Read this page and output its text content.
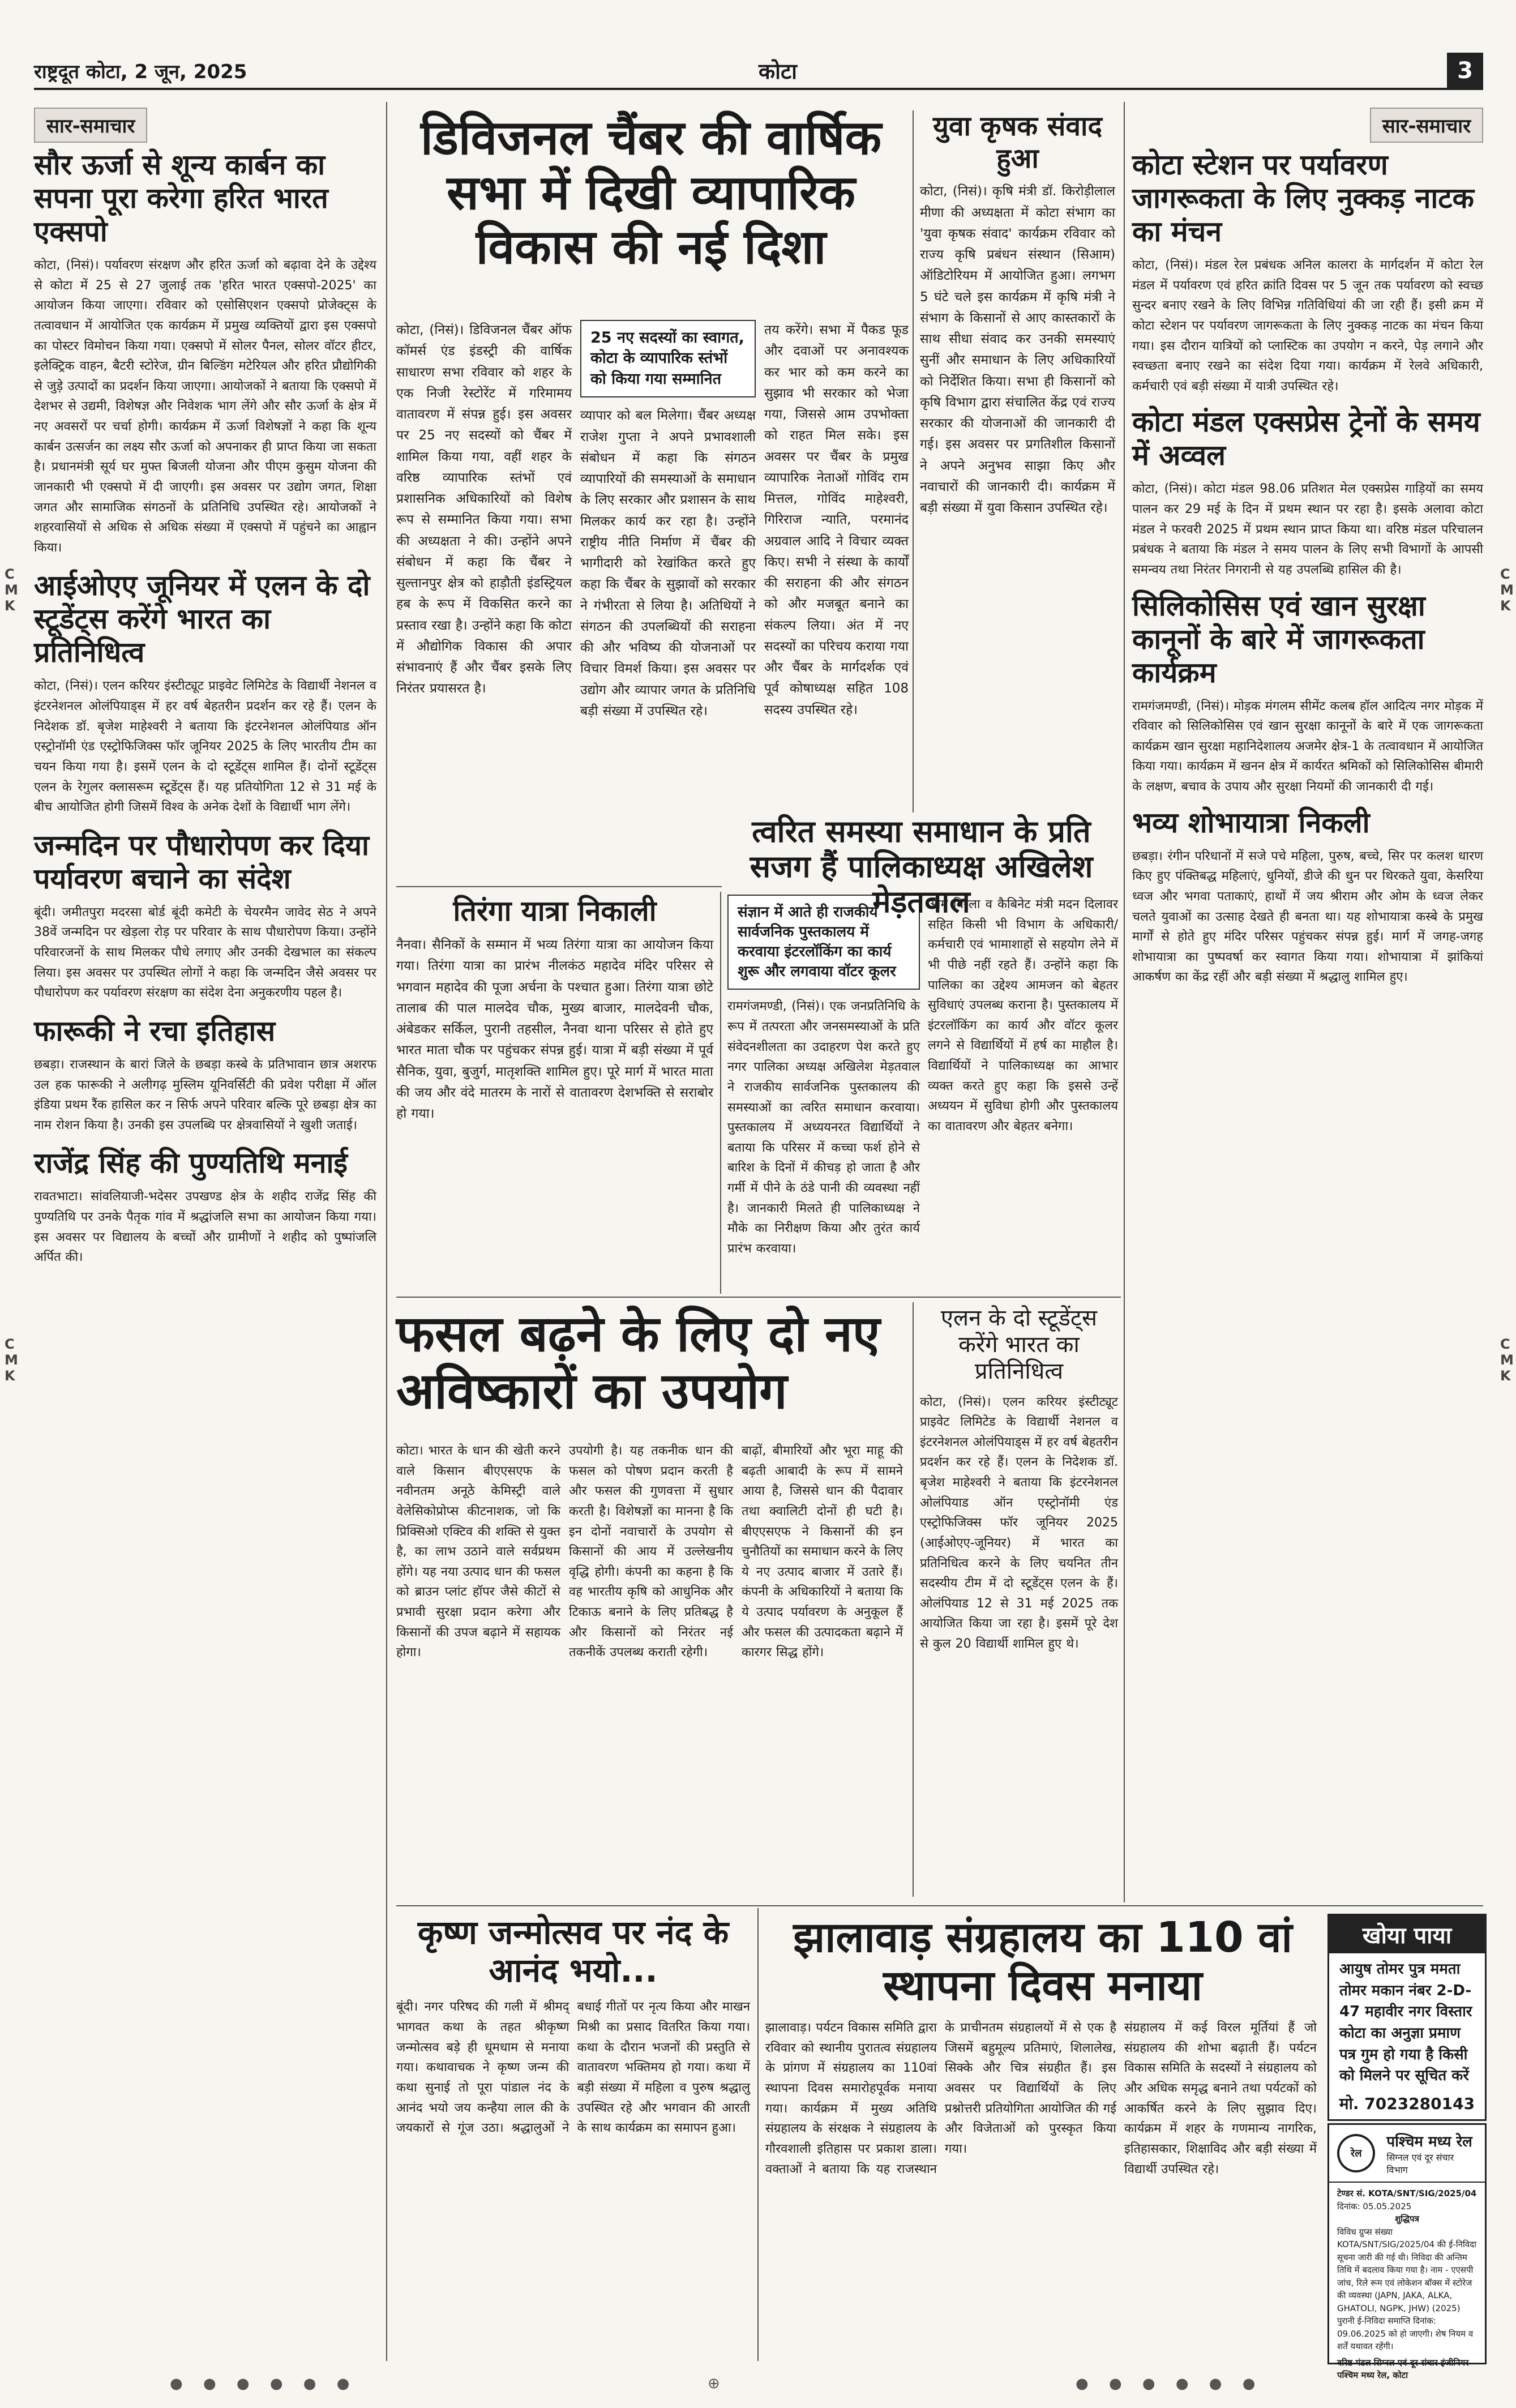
राष्ट्रदूत कोटा, 2 जून, 2025	कोटा	3
C
M
K
C
M
K
C
M
K
C
M
K
सार-समाचार
सौर ऊर्जा से शून्य कार्बन का सपना पूरा करेगा हरित भारत एक्सपो
कोटा, (निसं)। पर्यावरण संरक्षण और हरित ऊर्जा को बढ़ावा देने के उद्देश्य से कोटा में 25 से 27 जुलाई तक 'हरित भारत एक्सपो-2025' का आयोजन किया जाएगा। रविवार को एसोसिएशन एक्सपो प्रोजेक्ट्स के तत्वावधान में आयोजित एक कार्यक्रम में प्रमुख व्यक्तियों द्वारा इस एक्सपो का पोस्टर विमोचन किया गया। एक्सपो में सोलर पैनल, सोलर वॉटर हीटर, इलेक्ट्रिक वाहन, बैटरी स्टोरेज, ग्रीन बिल्डिंग मटेरियल और हरित प्रौद्योगिकी से जुड़े उत्पादों का प्रदर्शन किया जाएगा। आयोजकों ने बताया कि एक्सपो में देशभर से उद्यमी, विशेषज्ञ और निवेशक भाग लेंगे और सौर ऊर्जा के क्षेत्र में नए अवसरों पर चर्चा होगी। कार्यक्रम में ऊर्जा विशेषज्ञों ने कहा कि शून्य कार्बन उत्सर्जन का लक्ष्य सौर ऊर्जा को अपनाकर ही प्राप्त किया जा सकता है। प्रधानमंत्री सूर्य घर मुफ्त बिजली योजना और पीएम कुसुम योजना की जानकारी भी एक्सपो में दी जाएगी। इस अवसर पर उद्योग जगत, शिक्षा जगत और सामाजिक संगठनों के प्रतिनिधि उपस्थित रहे। आयोजकों ने शहरवासियों से अधिक से अधिक संख्या में एक्सपो में पहुंचने का आह्वान किया।
आईओएए जूनियर में एलन के दो स्टूडेंट्स करेंगे भारत का प्रतिनिधित्व
कोटा, (निसं)। एलन करियर इंस्टीट्यूट प्राइवेट लिमिटेड के विद्यार्थी नेशनल व इंटरनेशनल ओलंपियाड्स में हर वर्ष बेहतरीन प्रदर्शन कर रहे हैं। एलन के निदेशक डॉ. बृजेश माहेश्वरी ने बताया कि इंटरनेशनल ओलंपियाड ऑन एस्ट्रोनॉमी एंड एस्ट्रोफिजिक्स फॉर जूनियर 2025 के लिए भारतीय टीम का चयन किया गया है। इसमें एलन के दो स्टूडेंट्स शामिल हैं। दोनों स्टूडेंट्स एलन के रेगुलर क्लासरूम स्टूडेंट्स हैं। यह प्रतियोगिता 12 से 31 मई के बीच आयोजित होगी जिसमें विश्व के अनेक देशों के विद्यार्थी भाग लेंगे।
जन्मदिन पर पौधारोपण कर दिया पर्यावरण बचाने का संदेश
बूंदी। जमीतपुरा मदरसा बोर्ड बूंदी कमेटी के चेयरमैन जावेद सेठ ने अपने 38वें जन्मदिन पर खेड़ला रोड़ पर परिवार के साथ पौधारोपण किया। उन्होंने परिवारजनों के साथ मिलकर पौधे लगाए और उनकी देखभाल का संकल्प लिया। इस अवसर पर उपस्थित लोगों ने कहा कि जन्मदिन जैसे अवसर पर पौधारोपण कर पर्यावरण संरक्षण का संदेश देना अनुकरणीय पहल है।
फारूकी ने रचा इतिहास
छबड़ा। राजस्थान के बारां जिले के छबड़ा कस्बे के प्रतिभावान छात्र अशरफ उल हक फारूकी ने अलीगढ़ मुस्लिम यूनिवर्सिटी की प्रवेश परीक्षा में ऑल इंडिया प्रथम रैंक हासिल कर न सिर्फ अपने परिवार बल्कि पूरे छबड़ा क्षेत्र का नाम रोशन किया है। उनकी इस उपलब्धि पर क्षेत्रवासियों ने खुशी जताई।
राजेंद्र सिंह की पुण्यतिथि मनाई
रावतभाटा। सांवलियाजी-भदेसर उपखण्ड क्षेत्र के शहीद राजेंद्र सिंह की पुण्यतिथि पर उनके पैतृक गांव में श्रद्धांजलि सभा का आयोजन किया गया। इस अवसर पर विद्यालय के बच्चों और ग्रामीणों ने शहीद को पुष्पांजलि अर्पित की।
डिविजनल चैंबर की वार्षिक सभा में दिखी व्यापारिक विकास की नई दिशा
कोटा, (निसं)। डिविजनल चैंबर ऑफ कॉमर्स एंड इंडस्ट्री की वार्षिक साधारण सभा रविवार को शहर के एक निजी रेस्टोरेंट में गरिमामय वातावरण में संपन्न हुई। इस अवसर पर 25 नए सदस्यों को चैंबर में शामिल किया गया, वहीं शहर के वरिष्ठ व्यापारिक स्तंभों एवं प्रशासनिक अधिकारियों को विशेष रूप से सम्मानित किया गया। सभा की अध्यक्षता ने की। उन्होंने अपने संबोधन में कहा कि चैंबर ने सुल्तानपुर क्षेत्र को हाड़ौती इंडस्ट्रियल हब के रूप में विकसित करने का प्रस्ताव रखा है। उन्होंने कहा कि कोटा में औद्योगिक विकास की अपार संभावनाएं हैं और चैंबर इसके लिए निरंतर प्रयासरत है।
25 नए सदस्यों का स्वागत, कोटा के व्यापारिक स्तंभों को किया गया सम्मानित
व्यापार को बल मिलेगा। चैंबर अध्यक्ष राजेश गुप्ता ने अपने प्रभावशाली संबोधन में कहा कि संगठन व्यापारियों की समस्याओं के समाधान के लिए सरकार और प्रशासन के साथ मिलकर कार्य कर रहा है। उन्होंने राष्ट्रीय नीति निर्माण में चैंबर की भागीदारी को रेखांकित करते हुए कहा कि चैंबर के सुझावों को सरकार ने गंभीरता से लिया है। अतिथियों ने संगठन की उपलब्धियों की सराहना की और भविष्य की योजनाओं पर विचार विमर्श किया। इस अवसर पर उद्योग और व्यापार जगत के प्रतिनिधि बड़ी संख्या में उपस्थित रहे।
तय करेंगे। सभा में पैकड फूड और दवाओं पर अनावश्यक कर भार को कम करने का सुझाव भी सरकार को भेजा गया, जिससे आम उपभोक्ता को राहत मिल सके। इस अवसर पर चैंबर के प्रमुख व्यापारिक नेताओं गोविंद राम मित्तल, गोविंद माहेश्वरी, गिरिराज न्याति, परमानंद अग्रवाल आदि ने विचार व्यक्त किए। सभी ने संस्था के कार्यों की सराहना की और संगठन को और मजबूत बनाने का संकल्प लिया। अंत में नए सदस्यों का परिचय कराया गया और चैंबर के मार्गदर्शक एवं पूर्व कोषाध्यक्ष सहित 108 सदस्य उपस्थित रहे।
युवा कृषक संवाद हुआ
कोटा, (निसं)। कृषि मंत्री डॉ. किरोड़ीलाल मीणा की अध्यक्षता में कोटा संभाग का 'युवा कृषक संवाद' कार्यक्रम रविवार को राज्य कृषि प्रबंधन संस्थान (सिआम) ऑडिटोरियम में आयोजित हुआ। लगभग 5 घंटे चले इस कार्यक्रम में कृषि मंत्री ने संभाग के किसानों से आए कास्तकारों के साथ सीधा संवाद कर उनकी समस्याएं सुनीं और समाधान के लिए अधिकारियों को निर्देशित किया। सभा ही किसानों को कृषि विभाग द्वारा संचालित केंद्र एवं राज्य सरकार की योजनाओं की जानकारी दी गई। इस अवसर पर प्रगतिशील किसानों ने अपने अनुभव साझा किए और नवाचारों की जानकारी दी। कार्यक्रम में बड़ी संख्या में युवा किसान उपस्थित रहे।
तिरंगा यात्रा निकाली
नैनवा। सैनिकों के सम्मान में भव्य तिरंगा यात्रा का आयोजन किया गया। तिरंगा यात्रा का प्रारंभ नीलकंठ महादेव मंदिर परिसर से भगवान महादेव की पूजा अर्चना के पश्चात हुआ। तिरंगा यात्रा छोटे तालाब की पाल मालदेव चौक, मुख्य बाजार, मालदेवनी चौक, अंबेडकर सर्किल, पुरानी तहसील, नैनवा थाना परिसर से होते हुए भारत माता चौक पर पहुंचकर संपन्न हुई। यात्रा में बड़ी संख्या में पूर्व सैनिक, युवा, बुजुर्ग, मातृशक्ति शामिल हुए। पूरे मार्ग में भारत माता की जय और वंदे मातरम के नारों से वातावरण देशभक्ति से सराबोर हो गया।
संज्ञान में आते ही राजकीय सार्वजनिक पुस्तकालय में करवाया इंटरलॉकिंग का कार्य शुरू और लगवाया वॉटर कूलर
रामगंजमण्डी, (निसं)। एक जनप्रतिनिधि के रूप में तत्परता और जनसमस्याओं के प्रति संवेदनशीलता का उदाहरण पेश करते हुए नगर पालिका अध्यक्ष अखिलेश मेड़तवाल ने राजकीय सार्वजनिक पुस्तकालय की समस्याओं का त्वरित समाधान करवाया। पुस्तकालय में अध्ययनरत विद्यार्थियों ने बताया कि परिसर में कच्चा फर्श होने से बारिश के दिनों में कीचड़ हो जाता है और गर्मी में पीने के ठंडे पानी की व्यवस्था नहीं है। जानकारी मिलते ही पालिकाध्यक्ष ने मौके का निरीक्षण किया और तुरंत कार्य प्रारंभ करवाया।
ओम बिरला व कैबिनेट मंत्री मदन दिलावर सहित किसी भी विभाग के अधिकारी/कर्मचारी एवं भामाशाहों से सहयोग लेने में भी पीछे नहीं रहते हैं। उन्होंने कहा कि पालिका का उद्देश्य आमजन को बेहतर सुविधाएं उपलब्ध कराना है। पुस्तकालय में इंटरलॉकिंग का कार्य और वॉटर कूलर लगने से विद्यार्थियों में हर्ष का माहौल है। विद्यार्थियों ने पालिकाध्यक्ष का आभार व्यक्त करते हुए कहा कि इससे उन्हें अध्ययन में सुविधा होगी और पुस्तकालय का वातावरण और बेहतर बनेगा।
सार-समाचार
कोटा स्टेशन पर पर्यावरण जागरूकता के लिए नुक्कड़ नाटक का मंचन
कोटा, (निसं)। मंडल रेल प्रबंधक अनिल कालरा के मार्गदर्शन में कोटा रेल मंडल में पर्यावरण एवं हरित क्रांति दिवस पर 5 जून तक पर्यावरण को स्वच्छ सुन्दर बनाए रखने के लिए विभिन्न गतिविधियां की जा रही हैं। इसी क्रम में कोटा स्टेशन पर पर्यावरण जागरूकता के लिए नुक्कड़ नाटक का मंचन किया गया। इस दौरान यात्रियों को प्लास्टिक का उपयोग न करने, पेड़ लगाने और स्वच्छता बनाए रखने का संदेश दिया गया। कार्यक्रम में रेलवे अधिकारी, कर्मचारी एवं बड़ी संख्या में यात्री उपस्थित रहे।
कोटा मंडल एक्सप्रेस ट्रेनों के समय में अव्वल
कोटा, (निसं)। कोटा मंडल 98.06 प्रतिशत मेल एक्सप्रेस गाड़ियों का समय पालन कर 29 मई के दिन में प्रथम स्थान पर रहा है। इसके अलावा कोटा मंडल ने फरवरी 2025 में प्रथम स्थान प्राप्त किया था। वरिष्ठ मंडल परिचालन प्रबंधक ने बताया कि मंडल ने समय पालन के लिए सभी विभागों के आपसी समन्वय तथा निरंतर निगरानी से यह उपलब्धि हासिल की है।
सिलिकोसिस एवं खान सुरक्षा कानूनों के बारे में जागरूकता कार्यक्रम
रामगंजमण्डी, (निसं)। मोड़क मंगलम सीमेंट कलब हॉल आदित्य नगर मोड़क में रविवार को सिलिकोसिस एवं खान सुरक्षा कानूनों के बारे में एक जागरूकता कार्यक्रम खान सुरक्षा महानिदेशालय अजमेर क्षेत्र-1 के तत्वावधान में आयोजित किया गया। कार्यक्रम में खनन क्षेत्र में कार्यरत श्रमिकों को सिलिकोसिस बीमारी के लक्षण, बचाव के उपाय और सुरक्षा नियमों की जानकारी दी गई।
भव्य शोभायात्रा निकली
छबड़ा। रंगीन परिधानों में सजे पचे महिला, पुरुष, बच्चे, सिर पर कलश धारण किए हुए पंक्तिबद्ध महिलाएं, धुनियों, डीजे की धुन पर थिरकते युवा, केसरिया ध्वज और भगवा पताकाएं, हाथों में जय श्रीराम और ओम के ध्वज लेकर चलते युवाओं का उत्साह देखते ही बनता था। यह शोभायात्रा कस्बे के प्रमुख मार्गों से होते हुए मंदिर परिसर पहुंचकर संपन्न हुई। मार्ग में जगह-जगह शोभायात्रा का पुष्पवर्षा कर स्वागत किया गया। शोभायात्रा में झांकियां आकर्षण का केंद्र रहीं और बड़ी संख्या में श्रद्धालु शामिल हुए।
फसल बढ़ने के लिए दो नए अविष्कारों का उपयोग
कोटा। भारत के धान की खेती करने वाले किसान बीएएसएफ के नवीनतम अनूठे केमिस्ट्री वाले वेलेसिकोप्रोप्स कीटनाशक, जो कि प्रिक्सिओ एक्टिव की शक्ति से युक्त है, का लाभ उठाने वाले सर्वप्रथम होंगे। यह नया उत्पाद धान की फसल को ब्राउन प्लांट हॉपर जैसे कीटों से प्रभावी सुरक्षा प्रदान करेगा और किसानों की उपज बढ़ाने में सहायक होगा।
उपयोगी है। यह तकनीक धान की फसल को पोषण प्रदान करती है और फसल की गुणवत्ता में सुधार करती है। विशेषज्ञों का मानना है कि इन दोनों नवाचारों के उपयोग से किसानों की आय में उल्लेखनीय वृद्धि होगी। कंपनी का कहना है कि वह भारतीय कृषि को आधुनिक और टिकाऊ बनाने के लिए प्रतिबद्ध है और किसानों को निरंतर नई तकनीकें उपलब्ध कराती रहेगी।
बाढ़ों, बीमारियों और भूरा माहू की बढ़ती आबादी के रूप में सामने आया है, जिससे धान की पैदावार तथा क्वालिटी दोनों ही घटी है। बीएएसएफ ने किसानों की इन चुनौतियों का समाधान करने के लिए ये नए उत्पाद बाजार में उतारे हैं। कंपनी के अधिकारियों ने बताया कि ये उत्पाद पर्यावरण के अनुकूल हैं और फसल की उत्पादकता बढ़ाने में कारगर सिद्ध होंगे।
एलन के दो स्टूडेंट्स करेंगे भारत का प्रतिनिधित्व
कोटा, (निसं)। एलन करियर इंस्टीट्यूट प्राइवेट लिमिटेड के विद्यार्थी नेशनल व इंटरनेशनल ओलंपियाड्स में हर वर्ष बेहतरीन प्रदर्शन कर रहे हैं। एलन के निदेशक डॉ. बृजेश माहेश्वरी ने बताया कि इंटरनेशनल ओलंपियाड ऑन एस्ट्रोनॉमी एंड एस्ट्रोफिजिक्स फॉर जूनियर 2025 (आईओएए-जूनियर) में भारत का प्रतिनिधित्व करने के लिए चयनित तीन सदस्यीय टीम में दो स्टूडेंट्स एलन के हैं। ओलंपियाड 12 से 31 मई 2025 तक आयोजित किया जा रहा है। इसमें पूरे देश से कुल 20 विद्यार्थी शामिल हुए थे।
कृष्ण जन्मोत्सव पर नंद के आनंद भयो...
बूंदी। नगर परिषद की गली में श्रीमद् भागवत कथा के तहत श्रीकृष्ण जन्मोत्सव बड़े ही धूमधाम से मनाया गया। कथावाचक ने कृष्ण जन्म की कथा सुनाई तो पूरा पांडाल नंद के आनंद भयो जय कन्हैया लाल की के जयकारों से गूंज उठा। श्रद्धालुओं ने बधाई गीतों पर नृत्य किया और माखन मिश्री का प्रसाद वितरित किया गया। कथा के दौरान भजनों की प्रस्तुति से वातावरण भक्तिमय हो गया। कथा में बड़ी संख्या में महिला व पुरुष श्रद्धालु उपस्थित रहे और भगवान की आरती के साथ कार्यक्रम का समापन हुआ।
झालावाड़ संग्रहालय का 110 वां स्थापना दिवस मनाया
झालावाड़। पर्यटन विकास समिति द्वारा रविवार को स्थानीय पुरातत्व संग्रहालय के प्रांगण में संग्रहालय का 110वां स्थापना दिवस समारोहपूर्वक मनाया गया। कार्यक्रम में मुख्य अतिथि संग्रहालय के संरक्षक ने संग्रहालय के गौरवशाली इतिहास पर प्रकाश डाला। वक्ताओं ने बताया कि यह राजस्थान के प्राचीनतम संग्रहालयों में से एक है जिसमें बहुमूल्य प्रतिमाएं, शिलालेख, सिक्के और चित्र संग्रहीत हैं। इस अवसर पर विद्यार्थियों के लिए प्रश्नोत्तरी प्रतियोगिता आयोजित की गई और विजेताओं को पुरस्कृत किया गया।
संग्रहालय में कई विरल मूर्तियां हैं जो संग्रहालय की शोभा बढ़ाती हैं। पर्यटन विकास समिति के सदस्यों ने संग्रहालय को और अधिक समृद्ध बनाने तथा पर्यटकों को आकर्षित करने के लिए सुझाव दिए। कार्यक्रम में शहर के गणमान्य नागरिक, इतिहासकार, शिक्षाविद और बड़ी संख्या में विद्यार्थी उपस्थित रहे।
खोया पाया
आयुष तोमर पुत्र ममता तोमर मकान नंबर 2-D- 47 महावीर नगर विस्तार कोटा का अनुज्ञा प्रमाण पत्र गुम हो गया है किसी को मिलने पर सूचित करें
मो. 7023280143
रेल
पश्चिम मध्य रेल
सिग्नल एवं दूर संचार विभाग
टेण्डर सं. KOTA/SNT/SIG/2025/04
दिनांक: 05.05.2025
शुद्धिपत्र
विविध ग्रुप्स संख्या KOTA/SNT/SIG/2025/04 की ई-निविदा सूचना जारी की गई थी। निविदा की अन्तिम तिथि में बदलाव किया गया है। नाम - एएसपी जांच, रिले रूम एवं लोकेशन बॉक्स में स्टोरेज की व्यवस्था (JAPN, JAKA, ALKA, GHATOLI, NGPK, JHW) (2025) पुरानी ई-निविदा समाप्ति दिनांक: 09.06.2025 को हो जाएगी। शेष नियम व शर्तें यथावत रहेंगी।
वरिष्ठ मंडल सिग्नल एवं दूर संचार इंजीनियर पश्चिम मध्य रेल, कोटा
● ● ● ● ● ●	⊕	● ● ● ● ● ●
त्वरित समस्या समाधान के प्रति सजग हैं पालिकाध्यक्ष अखिलेश मेड़तवाल
